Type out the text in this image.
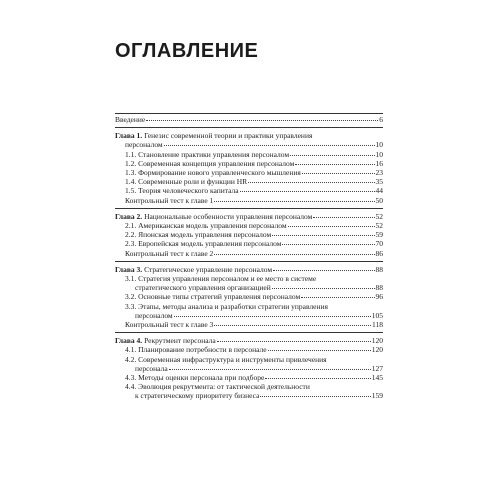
ОГЛАВЛЕНИЕ
Введение	6
Глава 1. Генезис современной теории и практики управления
персоналом	10
1.1. Становление практики управления персоналом	10
1.2. Современная концепция управления персоналом	16
1.3. Формирование нового управленческого мышления	23
1.4. Современные роли и функции HR	35
1.5. Теория человеческого капитала	44
Контрольный тест к главе 1	50
Глава 2. Национальные особенности управления персоналом	52
2.1. Американская модель управления персоналом	52
2.2. Японская модель управления персоналом	59
2.3. Европейская модель управления персоналом	70
Контрольный тест к главе 2	86
Глава 3. Стратегическое управление персоналом	88
3.1. Стратегия управления персоналом и ее место в системе
стратегического управления организацией	88
3.2. Основные типы стратегий управления персоналом	96
3.3. Этапы, методы анализа и разработки стратегии управления
персоналом	105
Контрольный тест к главе 3	118
Глава 4. Рекрутмент персонала	120
4.1. Планирование потребности в персонале	120
4.2. Современная инфраструктура и инструменты привлечения
персонала	127
4.3. Методы оценки персонала при подборе	145
4.4. Эволюция рекрутмента: от тактической деятельности
к стратегическому приоритету бизнеса	159
